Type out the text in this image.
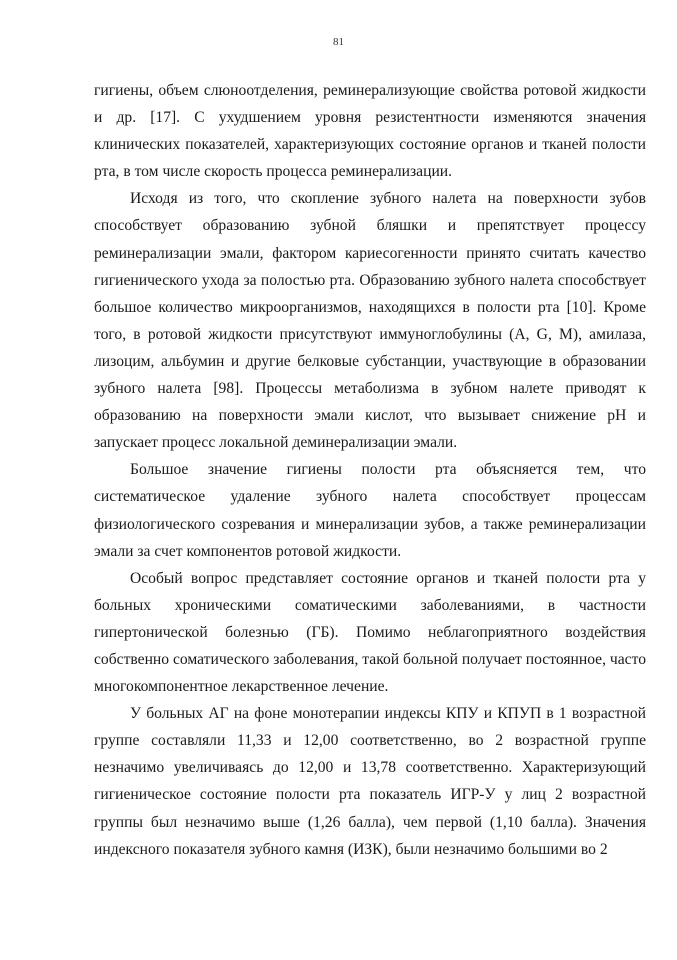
81

гигиены, объем слюноотделения, реминерализующие свойства ротовой жидкости и др. [17]. С ухудшением уровня резистентности изменяются значения клинических показателей, характеризующих состояние органов и тканей полости рта, в том числе скорость процесса реминерализации.

Исходя из того, что скопление зубного налета на поверхности зубов способствует образованию зубной бляшки и препятствует процессу реминерализации эмали, фактором кариесогенности принято считать качество гигиенического ухода за полостью рта. Образованию зубного налета способствует большое количество микроорганизмов, находящихся в полости рта [10]. Кроме того, в ротовой жидкости присутствуют иммуноглобулины (A, G, M), амилаза, лизоцим, альбумин и другие белковые субстанции, участвующие в образовании зубного налета [98]. Процессы метаболизма в зубном налете приводят к образованию на поверхности эмали кислот, что вызывает снижение pH и запускает процесс локальной деминерализации эмали.

Большое значение гигиены полости рта объясняется тем, что систематическое удаление зубного налета способствует процессам физиологического созревания и минерализации зубов, а также реминерализации эмали за счет компонентов ротовой жидкости.

Особый вопрос представляет состояние органов и тканей полости рта у больных хроническими соматическими заболеваниями, в частности гипертонической болезнью (ГБ). Помимо неблагоприятного воздействия собственно соматического заболевания, такой больной получает постоянное, часто многокомпонентное лекарственное лечение.

У больных АГ на фоне монотерапии индексы КПУ и КПУП в 1 возрастной группе составляли 11,33 и 12,00 соответственно, во 2 возрастной группе незначимо увеличиваясь до 12,00 и 13,78 соответственно. Характеризующий гигиеническое состояние полости рта показатель ИГР-У у лиц 2 возрастной группы был незначимо выше (1,26 балла), чем первой (1,10 балла). Значения индексного показателя зубного камня (ИЗК), были незначимо большими во 2
